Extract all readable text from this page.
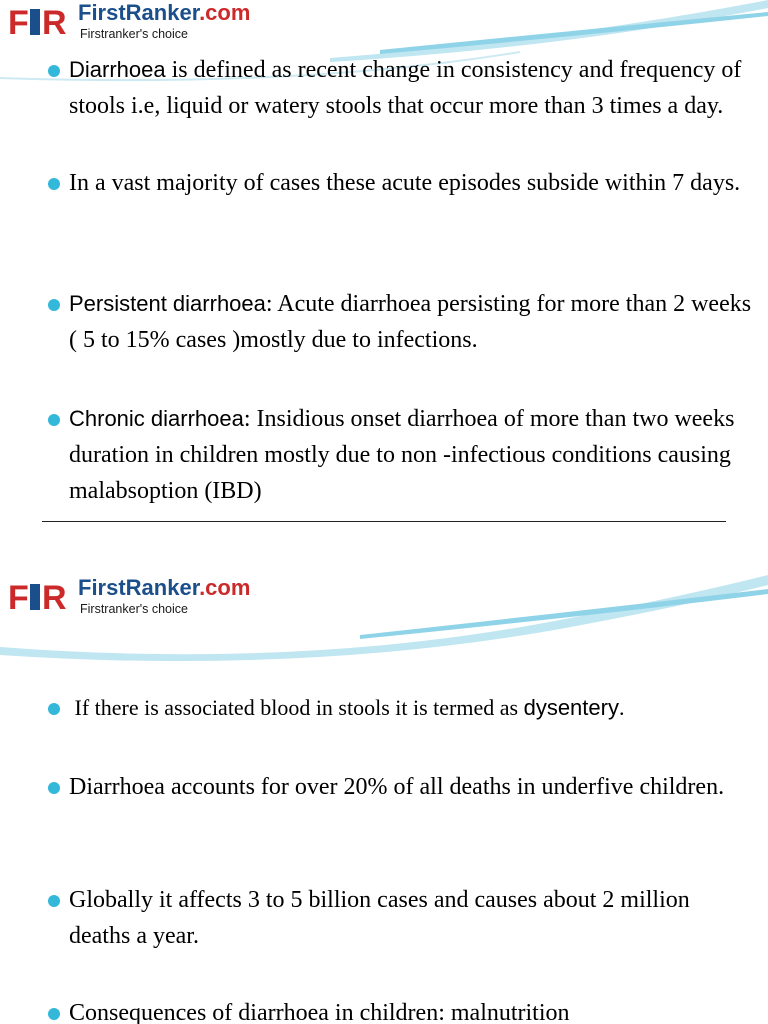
F R FirstRanker.com
Firstranker's choice
Diarrhoea is defined as recent change in consistency and frequency of stools i.e, liquid or watery stools that occur more than 3 times a day.
In a vast majority of cases these acute episodes subside within 7 days.
Persistent diarrhoea: Acute diarrhoea persisting for more than 2 weeks ( 5 to 15% cases )mostly due to infections.
Chronic diarrhoea: Insidious onset diarrhoea of more than two weeks duration in children mostly due to non -infectious conditions causing malabsoption (IBD)
F R FirstRanker.com
Firstranker's choice
If there is associated blood in stools it is termed as dysentery.
Diarrhoea accounts for over 20% of all deaths in underfive children.
Globally it affects 3 to 5 billion cases and causes about 2 million deaths a year.
Consequences of diarrhoea in children: malnutrition
